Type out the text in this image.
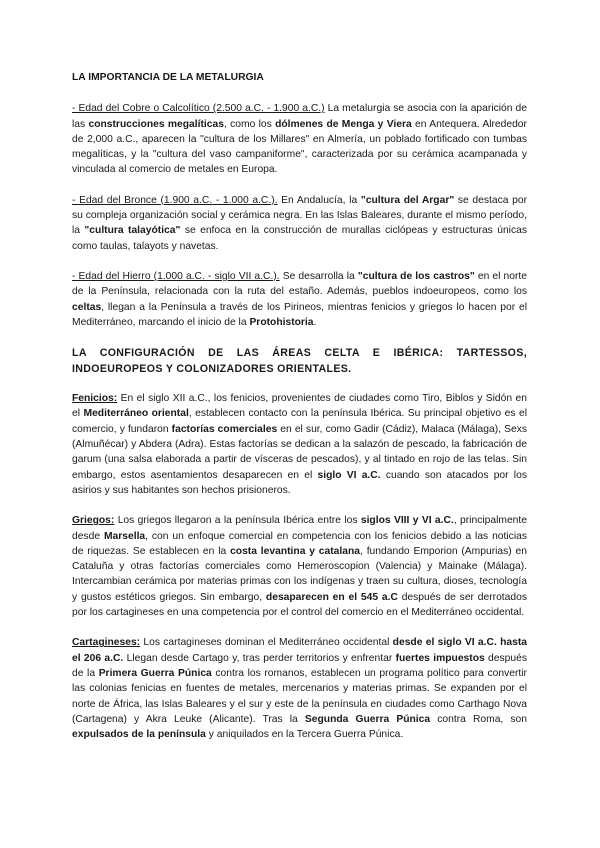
LA IMPORTANCIA DE LA METALURGIA

- Edad del Cobre o Calcolítico (2.500 a.C. - 1.900 a.C.) La metalurgia se asocia con la aparición de las construcciones megalíticas, como los dólmenes de Menga y Viera en Antequera. Alrededor de 2,000 a.C., aparecen la "cultura de los Millares" en Almería, un poblado fortificado con tumbas megalíticas, y la "cultura del vaso campaniforme", caracterizada por su cerámica acampanada y vinculada al comercio de metales en Europa.

- Edad del Bronce (1.900 a.C. - 1.000 a.C.). En Andalucía, la "cultura del Argar" se destaca por su compleja organización social y cerámica negra. En las Islas Baleares, durante el mismo período, la "cultura talayótica" se enfoca en la construcción de murallas ciclópeas y estructuras únicas como taulas, talayots y navetas.

- Edad del Hierro (1.000 a.C. - siglo VII a.C.). Se desarrolla la "cultura de los castros" en el norte de la Península, relacionada con la ruta del estaño. Además, pueblos indoeuropeos, como los celtas, llegan a la Península a través de los Pirineos, mientras fenicios y griegos lo hacen por el Mediterráneo, marcando el inicio de la Protohistoria.

LA CONFIGURACIÓN DE LAS ÁREAS CELTA E IBÉRICA: TARTESSOS, INDOEUROPEOS Y COLONIZADORES ORIENTALES.

Fenicios: En el siglo XII a.C., los fenicios, provenientes de ciudades como Tiro, Biblos y Sidón en el Mediterráneo oriental, establecen contacto con la península Ibérica. Su principal objetivo es el comercio, y fundaron factorías comerciales en el sur, como Gadir (Cádiz), Malaca (Málaga), Sexs (Almuñécar) y Abdera (Adra). Estas factorías se dedican a la salazón de pescado, la fabricación de garum (una salsa elaborada a partir de vísceras de pescados), y al tintado en rojo de las telas. Sin embargo, estos asentamientos desaparecen en el siglo VI a.C. cuando son atacados por los asirios y sus habitantes son hechos prisioneros.

Griegos: Los griegos llegaron a la península Ibérica entre los siglos VIII y VI a.C., principalmente desde Marsella, con un enfoque comercial en competencia con los fenicios debido a las noticias de riquezas. Se establecen en la costa levantina y catalana, fundando Emporion (Ampurias) en Cataluña y otras factorías comerciales como Hemeroscopion (Valencia) y Mainake (Málaga). Intercambian cerámica por materias primas con los indígenas y traen su cultura, dioses, tecnología y gustos estéticos griegos. Sin embargo, desaparecen en el 545 a.C después de ser derrotados por los cartagineses en una competencia por el control del comercio en el Mediterráneo occidental.

Cartagineses: Los cartagineses dominan el Mediterráneo occidental desde el siglo VI a.C. hasta el 206 a.C. Llegan desde Cartago y, tras perder territorios y enfrentar fuertes impuestos después de la Primera Guerra Púnica contra los romanos, establecen un programa político para convertir las colonias fenicias en fuentes de metales, mercenarios y materias primas. Se expanden por el norte de África, las Islas Baleares y el sur y este de la península en ciudades como Carthago Nova (Cartagena) y Akra Leuke (Alicante). Tras la Segunda Guerra Púnica contra Roma, son expulsados de la península y aniquilados en la Tercera Guerra Púnica.
